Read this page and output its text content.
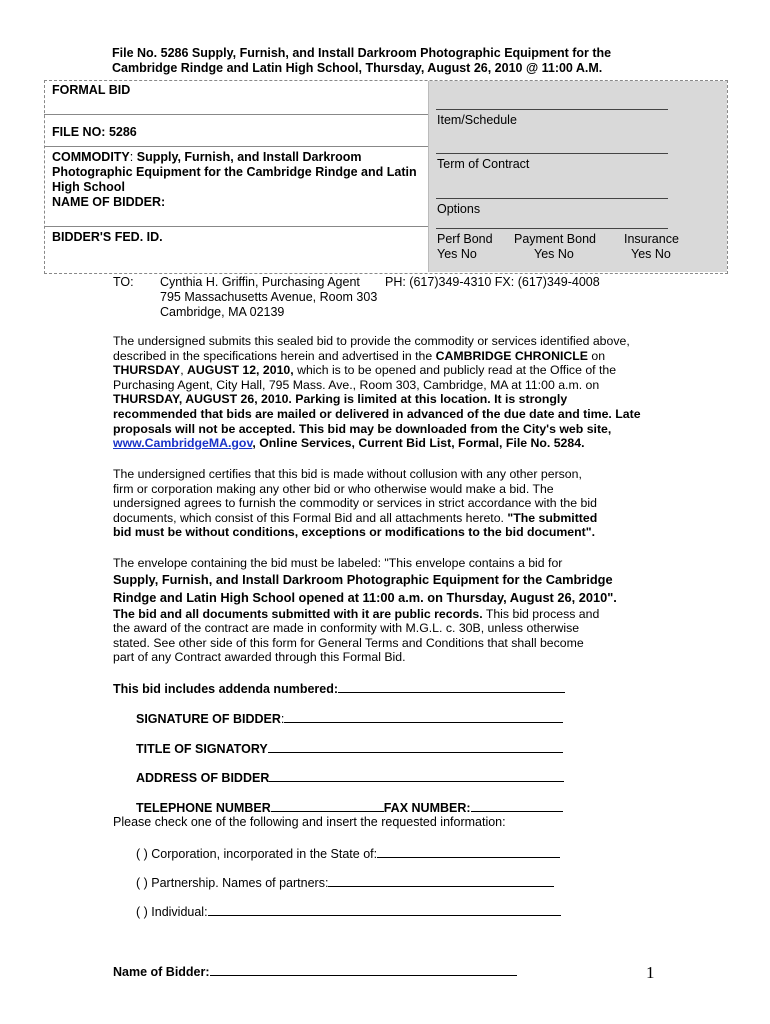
File No. 5286 Supply, Furnish, and Install Darkroom Photographic Equipment for the
Cambridge Rindge and Latin High School, Thursday, August 26, 2010 @ 11:00 A.M.
FORMAL BID
FILE NO: 5286
COMMODITY: Supply, Furnish, and Install Darkroom
Photographic Equipment for the Cambridge Rindge and Latin
High School
NAME OF BIDDER:
BIDDER'S FED. ID.
Item/Schedule
Term of Contract
Options
Perf Bond Payment Bond Insurance
Yes No	Yes No	Yes No
TO: Cynthia H. Griffin, Purchasing Agent PH: (617)349-4310 FX: (617)349-4008
795 Massachusetts Avenue, Room 303
Cambridge, MA 02139
The undersigned submits this sealed bid to provide the commodity or services identified above,
described in the specifications herein and advertised in the CAMBRIDGE CHRONICLE on
THURSDAY, AUGUST 12, 2010, which is to be opened and publicly read at the Office of the
Purchasing Agent, City Hall, 795 Mass. Ave., Room 303, Cambridge, MA at 11:00 a.m. on
THURSDAY, AUGUST 26, 2010. Parking is limited at this location. It is strongly
recommended that bids are mailed or delivered in advanced of the due date and time. Late
proposals will not be accepted. This bid may be downloaded from the City's web site,
www.CambridgeMA.gov, Online Services, Current Bid List, Formal, File No. 5284.
The undersigned certifies that this bid is made without collusion with any other person,
firm or corporation making any other bid or who otherwise would make a bid. The
undersigned agrees to furnish the commodity or services in strict accordance with the bid
documents, which consist of this Formal Bid and all attachments hereto. "The submitted
bid must be without conditions, exceptions or modifications to the bid document".
The envelope containing the bid must be labeled: "This envelope contains a bid for
Supply, Furnish, and Install Darkroom Photographic Equipment for the Cambridge
Rindge and Latin High School opened at 11:00 a.m. on Thursday, August 26, 2010".
The bid and all documents submitted with it are public records. This bid process and
the award of the contract are made in conformity with M.G.L. c. 30B, unless otherwise
stated. See other side of this form for General Terms and Conditions that shall become
part of any Contract awarded through this Formal Bid.
This bid includes addenda numbered:
SIGNATURE OF BIDDER:
TITLE OF SIGNATORY
ADDRESS OF BIDDER
TELEPHONE NUMBER	FAX NUMBER:
Please check one of the following and insert the requested information:
( ) Corporation, incorporated in the State of:
( ) Partnership. Names of partners:
( ) Individual:
Name of Bidder:	1
